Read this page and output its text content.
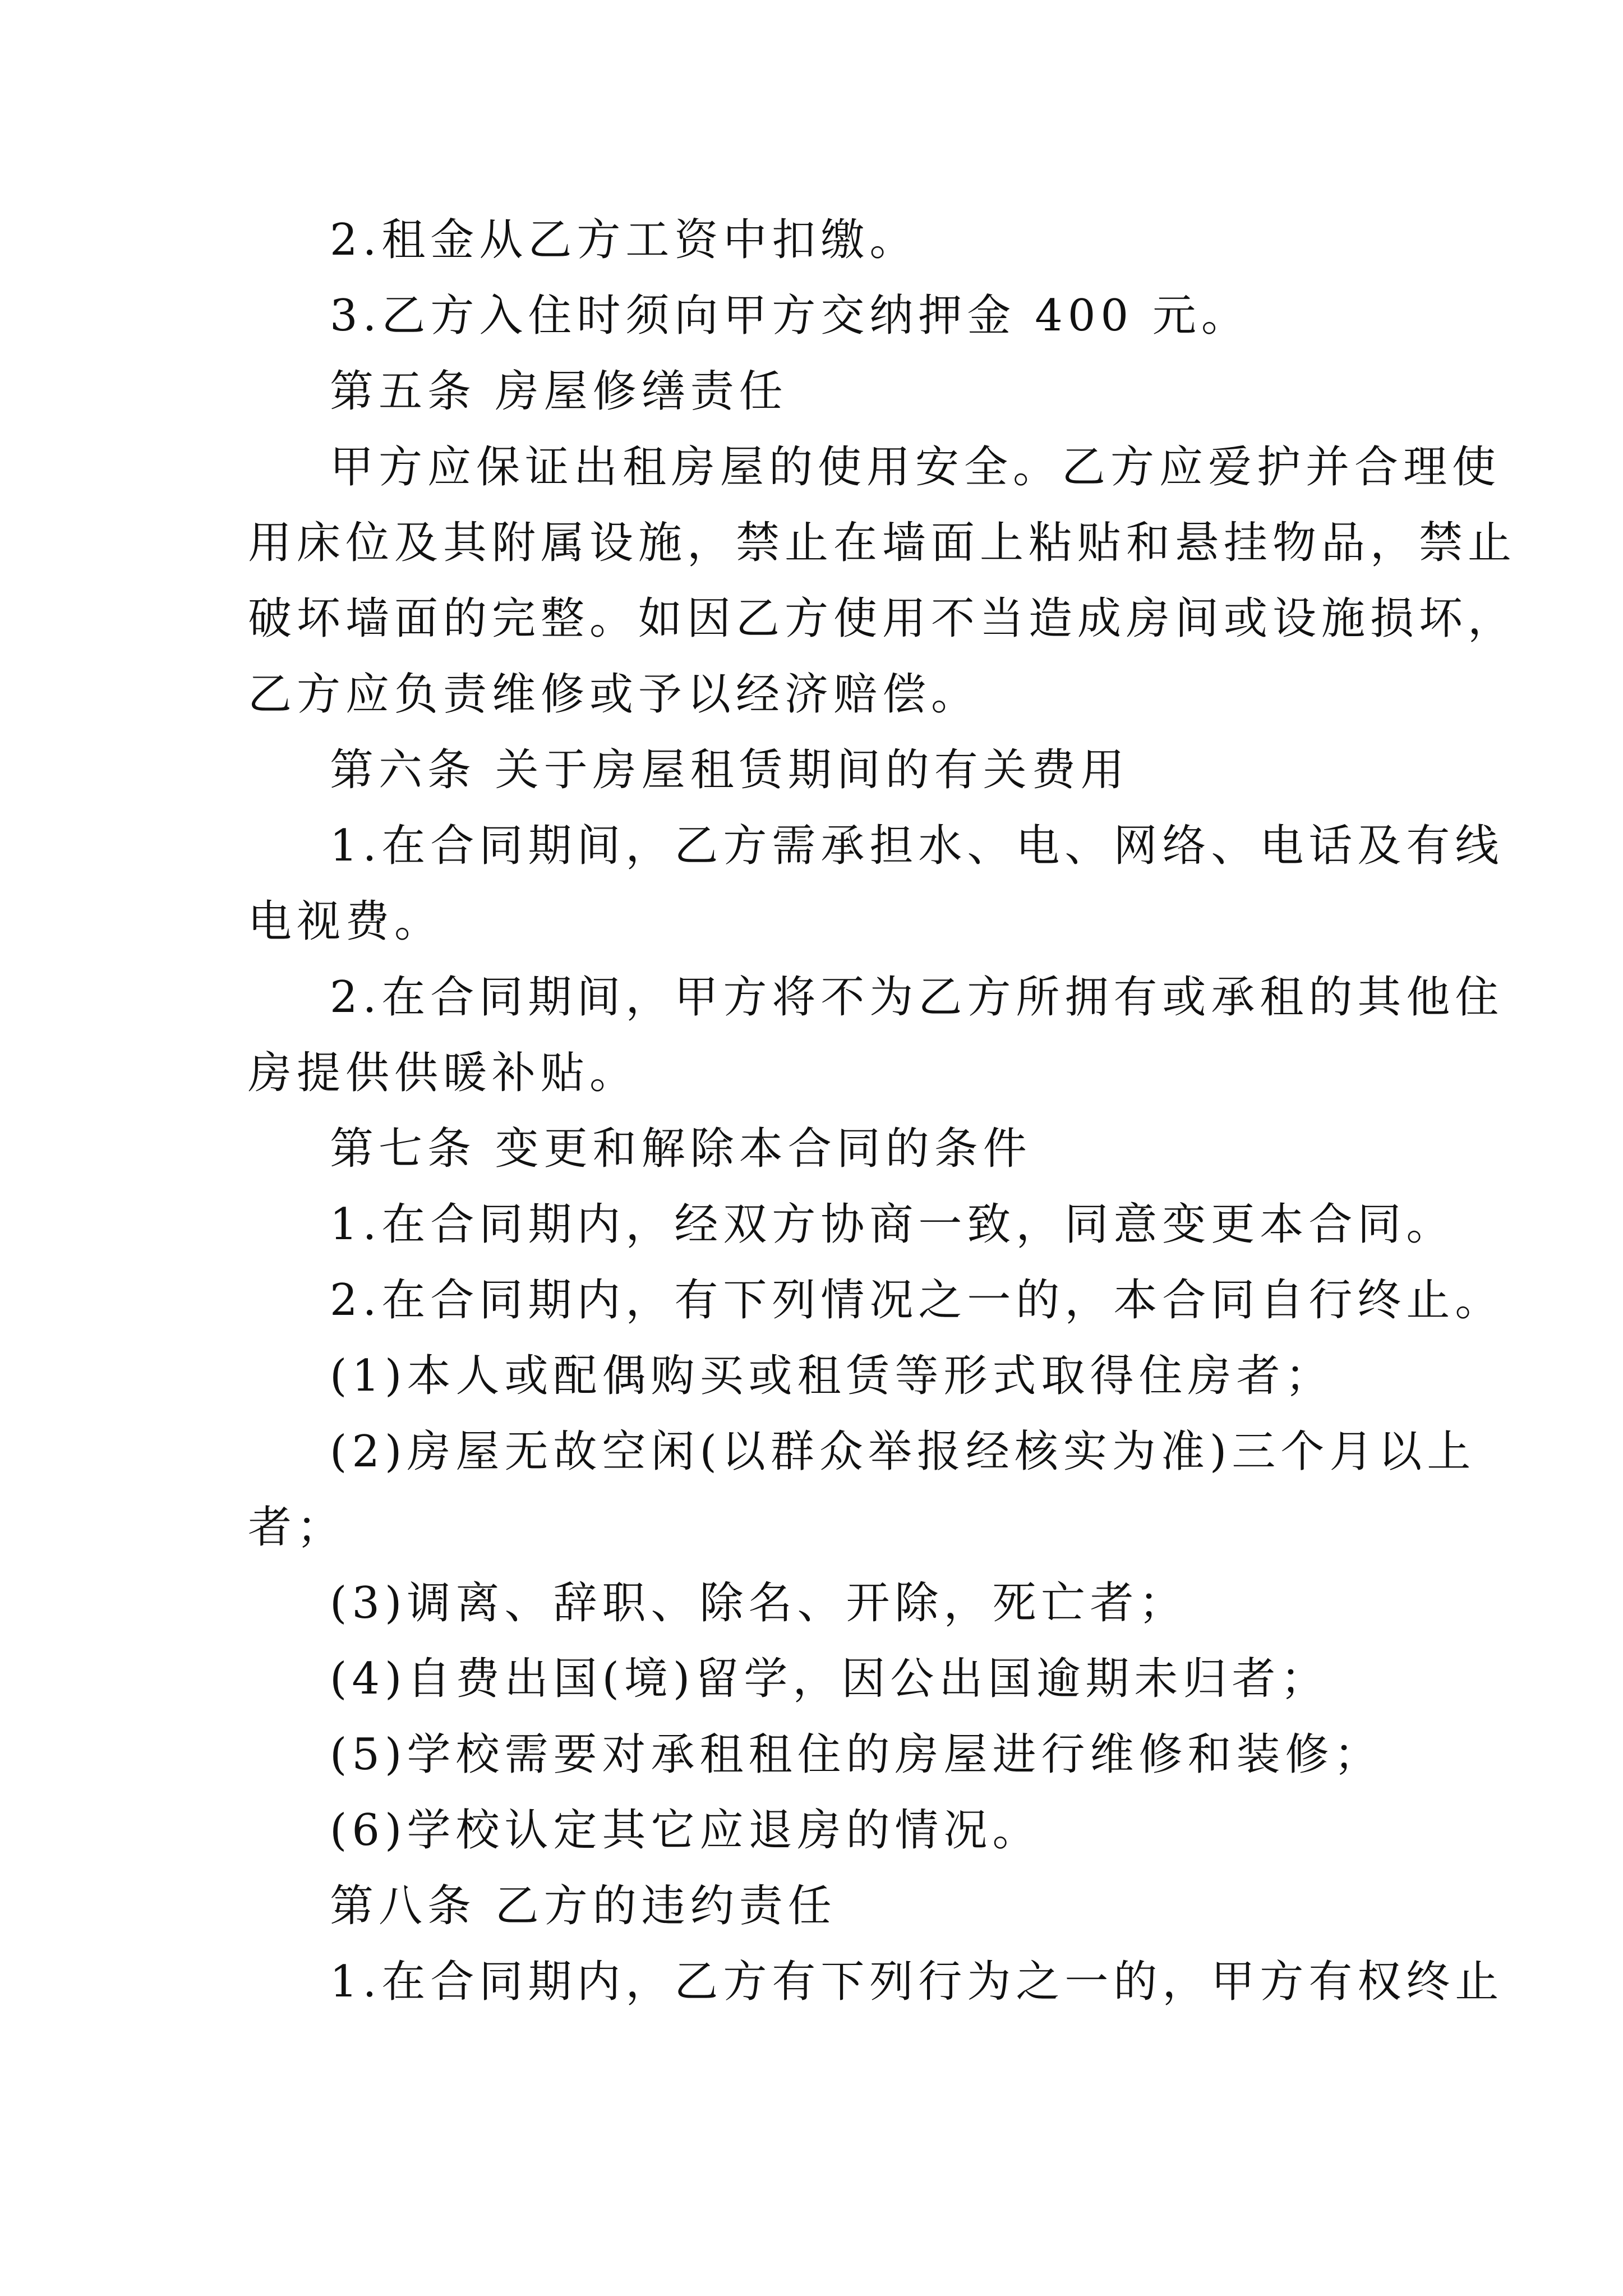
2.租金从乙方工资中扣缴。

3.乙方入住时须向甲方交纳押金 400 元。

第五条 房屋修缮责任

甲方应保证出租房屋的使用安全。乙方应爱护并合理使

用床位及其附属设施，禁止在墙面上粘贴和悬挂物品，禁止

破坏墙面的完整。如因乙方使用不当造成房间或设施损坏，

乙方应负责维修或予以经济赔偿。

第六条 关于房屋租赁期间的有关费用

1.在合同期间，乙方需承担水、电、网络、电话及有线

电视费。

2.在合同期间，甲方将不为乙方所拥有或承租的其他住

房提供供暖补贴。

第七条 变更和解除本合同的条件

1.在合同期内，经双方协商一致，同意变更本合同。

2.在合同期内，有下列情况之一的，本合同自行终止。

(1)本人或配偶购买或租赁等形式取得住房者；

(2)房屋无故空闲(以群众举报经核实为准)三个月以上

者；

(3)调离、辞职、除名、开除，死亡者；

(4)自费出国(境)留学，因公出国逾期未归者；

(5)学校需要对承租租住的房屋进行维修和装修；

(6)学校认定其它应退房的情况。

第八条 乙方的违约责任

1.在合同期内，乙方有下列行为之一的，甲方有权终止
